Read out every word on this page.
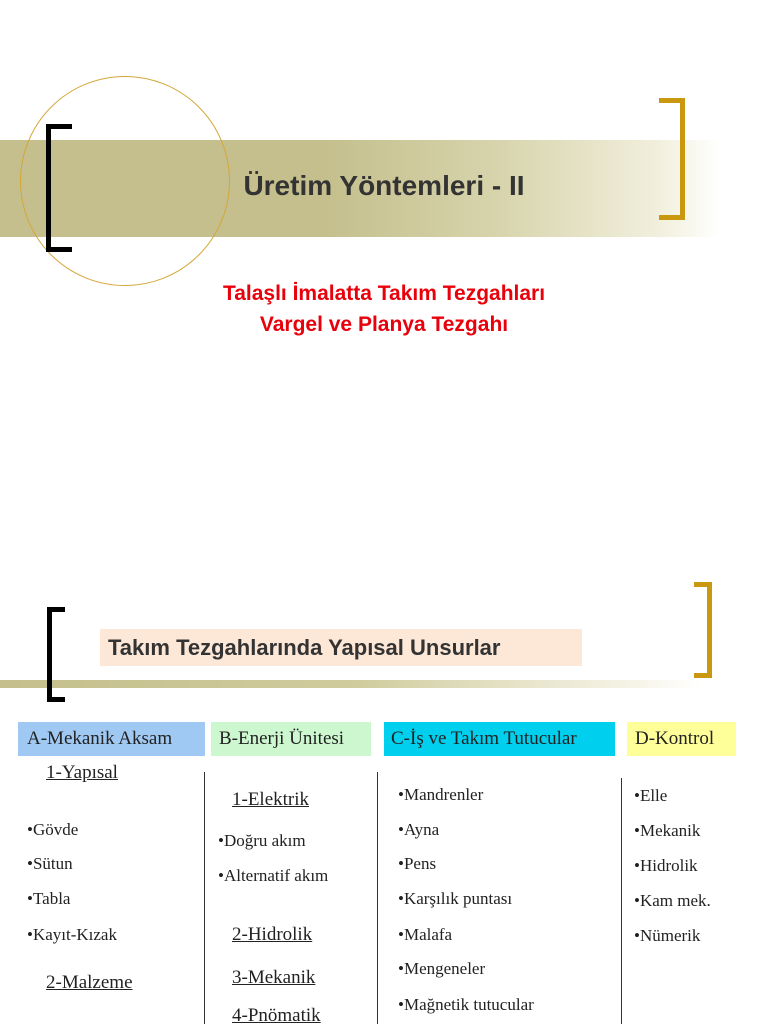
Üretim Yöntemleri - II
Talaşlı İmalatta Takım Tezgahları
Vargel ve Planya Tezgahı
Takım Tezgahlarında Yapısal Unsurlar
A-Mekanik Aksam	B-Enerji Ünitesi	C-İş ve Takım Tutucular	D-Kontrol
1-Yapısal
•Gövde
•Sütun
•Tabla
•Kayıt-Kızak
2-Malzeme
1-Elektrik
•Doğru akım
•Alternatif akım
2-Hidrolik
3-Mekanik
4-Pnömatik
•Mandrenler
•Ayna
•Pens
•Karşılık puntası
•Malafa
•Mengeneler
•Mağnetik tutucular
•Elle
•Mekanik
•Hidrolik
•Kam mek.
•Nümerik
